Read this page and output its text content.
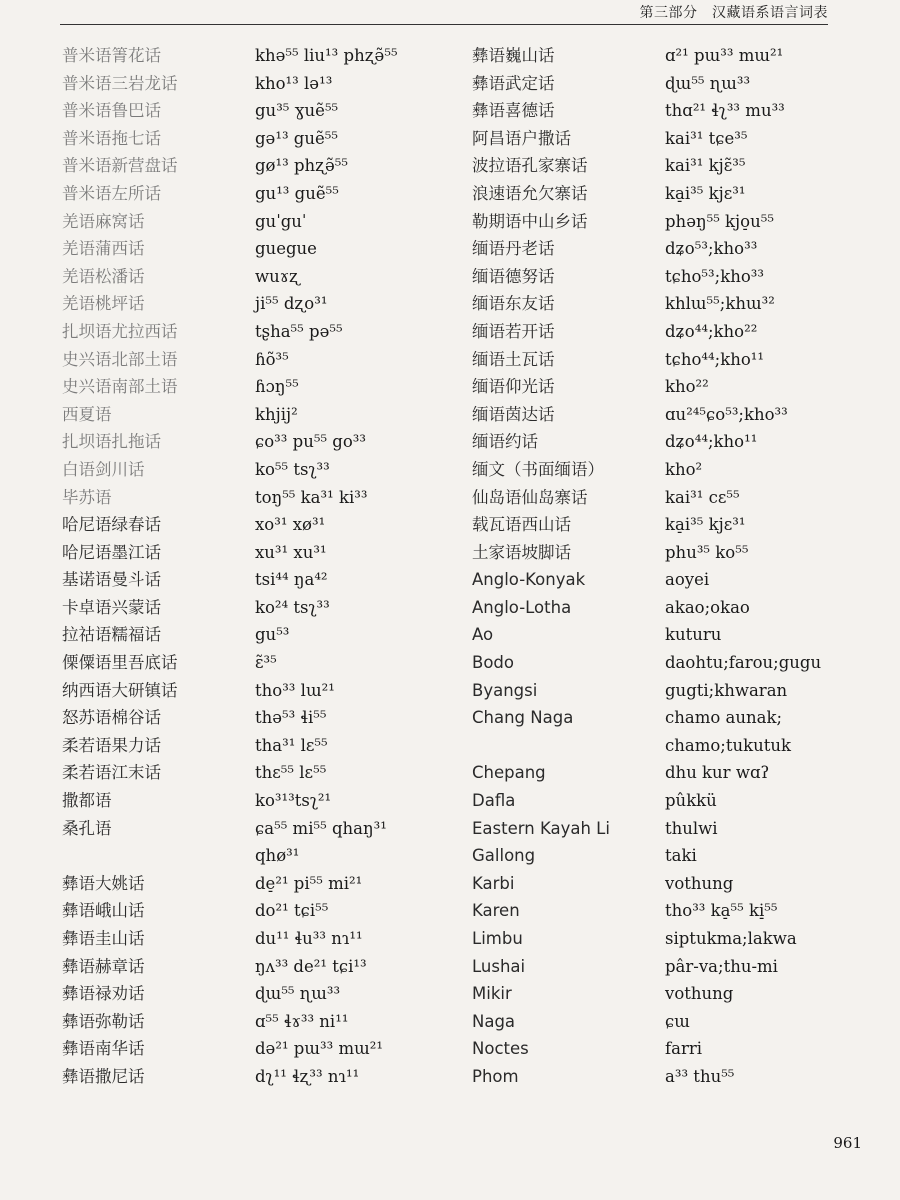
第三部分　汉藏语系语言词表
普米语箐花话
普米语三岩龙话
普米语鲁巴话
普米语拖七话
普米语新营盘话
普米语左所话
羌语麻窝话
羌语蒲西话
羌语松潘话
羌语桃坪话
扎坝语尤拉西话
史兴语北部土语
史兴语南部土语
西夏语
扎坝语扎拖话
白语剑川话
毕苏语
哈尼语绿春话
哈尼语墨江话
基诺语曼斗话
卡卓语兴蒙话
拉祜语糯福话
傈僳语里吾底话
纳西语大研镇话
怒苏语棉谷话
柔若语果力话
柔若语江末话
撒都语
桑孔语
彝语大姚话
彝语峨山话
彝语圭山话
彝语赫章话
彝语禄劝话
彝语弥勒话
彝语南华话
彝语撒尼话
khə⁵⁵ liu¹³ phʐə̃⁵⁵
kho¹³ lə¹³
gu³⁵ ɣuẽ⁵⁵
gə¹³ guẽ⁵⁵
gø¹³ phʐə̃⁵⁵
gu¹³ guẽ⁵⁵
guˈguˈ
guegue
wuɤʐ
ji⁵⁵ dʐo³¹
tʂha⁵⁵ pə⁵⁵
ɦõ³⁵
ɦɔŋ⁵⁵
khjij²
ɕo³³ pu⁵⁵ go³³
ko⁵⁵ tsʅ³³
toŋ⁵⁵ ka³¹ ki³³
xo³¹ xø³¹
xu³¹ xu³¹
tsi⁴⁴ ŋa⁴²
ko²⁴ tsʅ³³
gu⁵³
ɛ̃³⁵
tho³³ lɯ²¹
thə⁵³ ɬi⁵⁵
tha³¹ lɛ⁵⁵
thɛ⁵⁵ lɛ⁵⁵
ko³¹³tsʅ²¹
ɕa⁵⁵ mi⁵⁵ qhaŋ³¹
qhø³¹
de̠²¹ pi⁵⁵ mi²¹
do²¹ tɕi⁵⁵
du¹¹ ɬu³³ nɿ¹¹
ŋʌ³³ de²¹ tɕi¹³
ɖɯ⁵⁵ ɳɯ³³
ɑ⁵⁵ ɬɤ³³ ni¹¹
də²¹ pɯ³³ mɯ²¹
dʅ¹¹ ɬʐ³³ nɿ¹¹
彝语巍山话
彝语武定话
彝语喜德话
阿昌语户撒话
波拉语孔家寨话
浪速语允欠寨话
勒期语中山乡话
缅语丹老话
缅语德努话
缅语东友话
缅语若开话
缅语土瓦话
缅语仰光话
缅语茵达话
缅语约话
缅文（书面缅语）
仙岛语仙岛寨话
载瓦语西山话
土家语坡脚话
Anglo-Konyak
Anglo-Lotha
Ao
Bodo
Byangsi
Chang Naga
Chepang
Dafla
Eastern Kayah Li
Gallong
Karbi
Karen
Limbu
Lushai
Mikir
Naga
Noctes
Phom
ɑ²¹ pɯ³³ mɯ²¹
ɖɯ⁵⁵ ɳɯ³³
thɑ²¹ ɬʅ³³ mu³³
kai³¹ tɕe³⁵
kai³¹ kjɛ̃³⁵
ka̠i³⁵ kjɛ³¹
phəŋ⁵⁵ kjo̠u⁵⁵
dʑo⁵³;kho³³
tɕho⁵³;kho³³
khlɯ⁵⁵;khɯ³²
dʑo⁴⁴;kho²²
tɕho⁴⁴;kho¹¹
kho²²
ɑu²⁴⁵ɕo⁵³;kho³³
dʑo⁴⁴;kho¹¹
kho²
kai³¹ cɛ⁵⁵
ka̠i³⁵ kjɛ³¹
phu³⁵ ko⁵⁵
aoyei
akao;okao
kuturu
daohtu;farou;gugu
gugti;khwaran
chamo aunak;
chamo;tukutuk
dhu kur wɑʔ
pûkkü
thulwi
taki
vothung
tho³³ ka̠⁵⁵ ki̠⁵⁵
siptukma;lakwa
pâr-va;thu-mi
vothung
ɕɯ
farri
a³³ thu⁵⁵
961
